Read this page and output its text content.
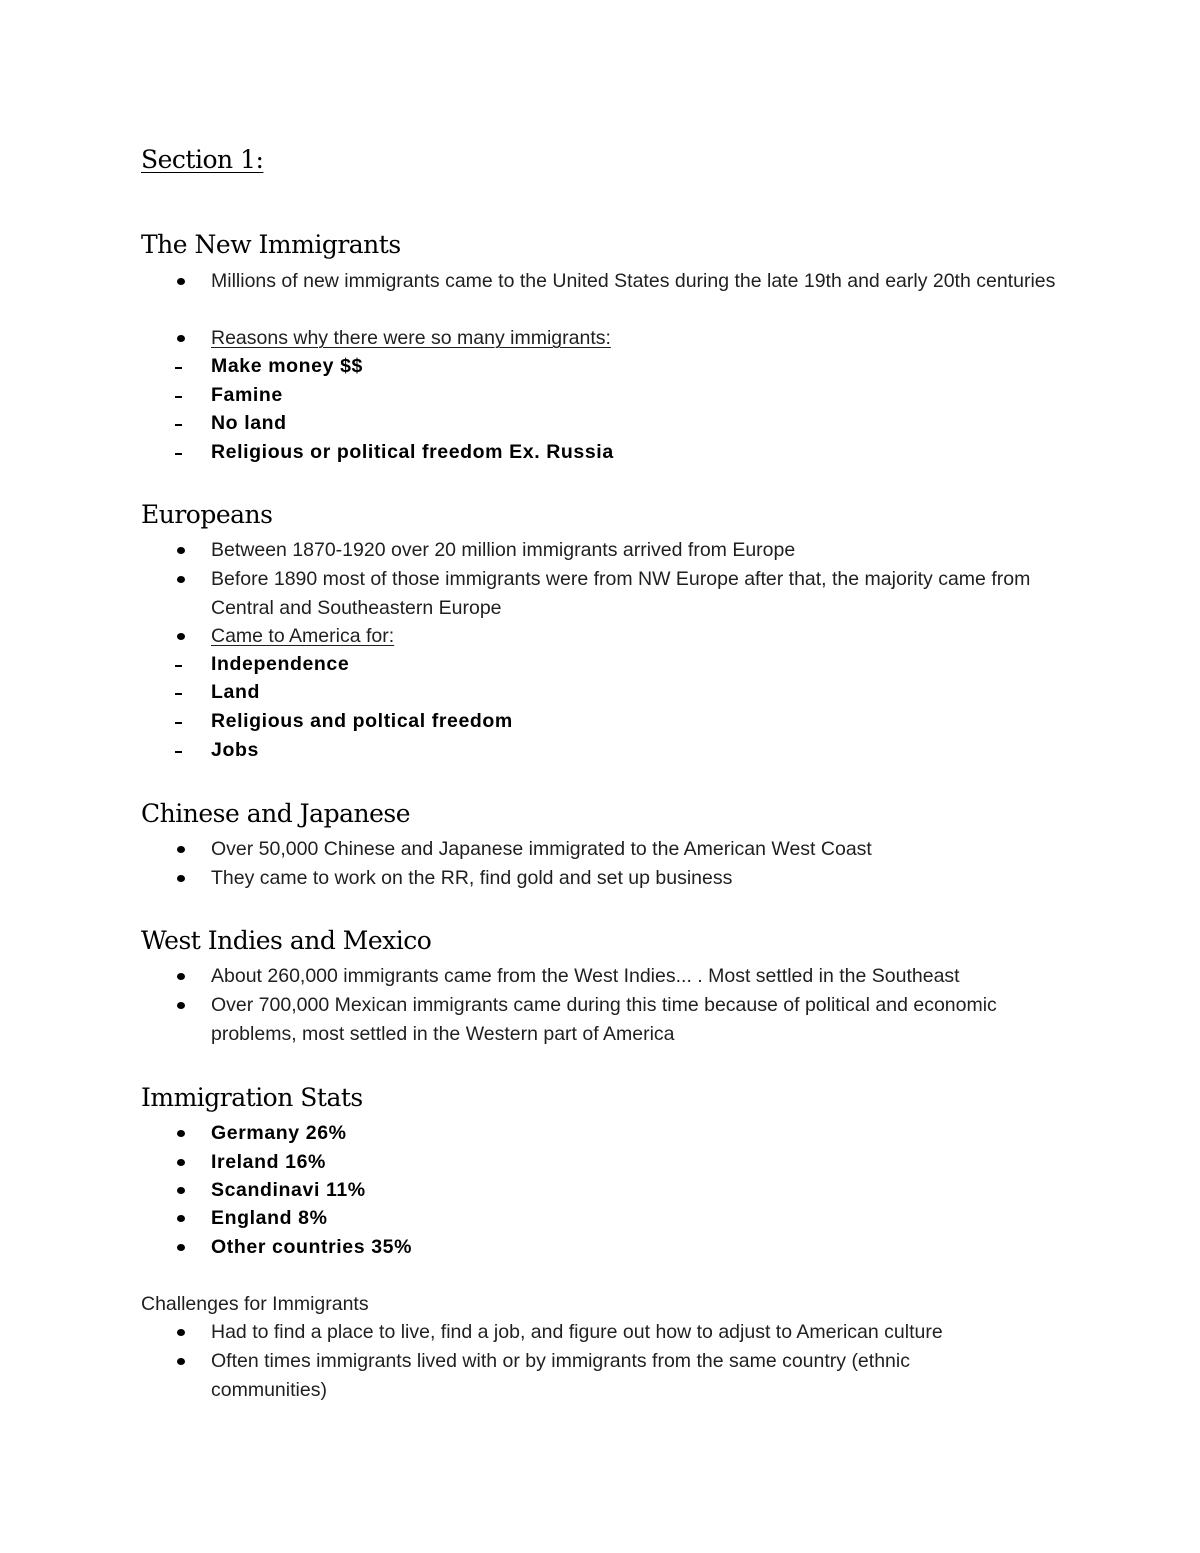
Section 1:
The New Immigrants
Millions of new immigrants came to the United States during the late 19th and early 20th centuries
Reasons why there were so many immigrants:
Make money $$
Famine
No land
Religious or political freedom Ex. Russia
Europeans
Between 1870-1920 over 20 million immigrants arrived from Europe
Before 1890 most of those immigrants were from NW Europe after that, the majority came from Central and Southeastern Europe
Came to America for:
Independence
Land
Religious and poltical freedom
Jobs
Chinese and Japanese
Over 50,000 Chinese and Japanese immigrated to the American West Coast
They came to work on the RR, find gold and set up business
West Indies and Mexico
About 260,000 immigrants came from the West Indies... . Most settled in the Southeast
Over 700,000 Mexican immigrants came during this time because of political and economic problems, most settled in the Western part of America
Immigration Stats
Germany 26%
Ireland 16%
Scandinavi 11%
England 8%
Other countries 35%
Challenges for Immigrants
Had to find a place to live, find a job, and figure out how to adjust to American culture
Often times immigrants lived with or by immigrants from the same country (ethnic communities)
